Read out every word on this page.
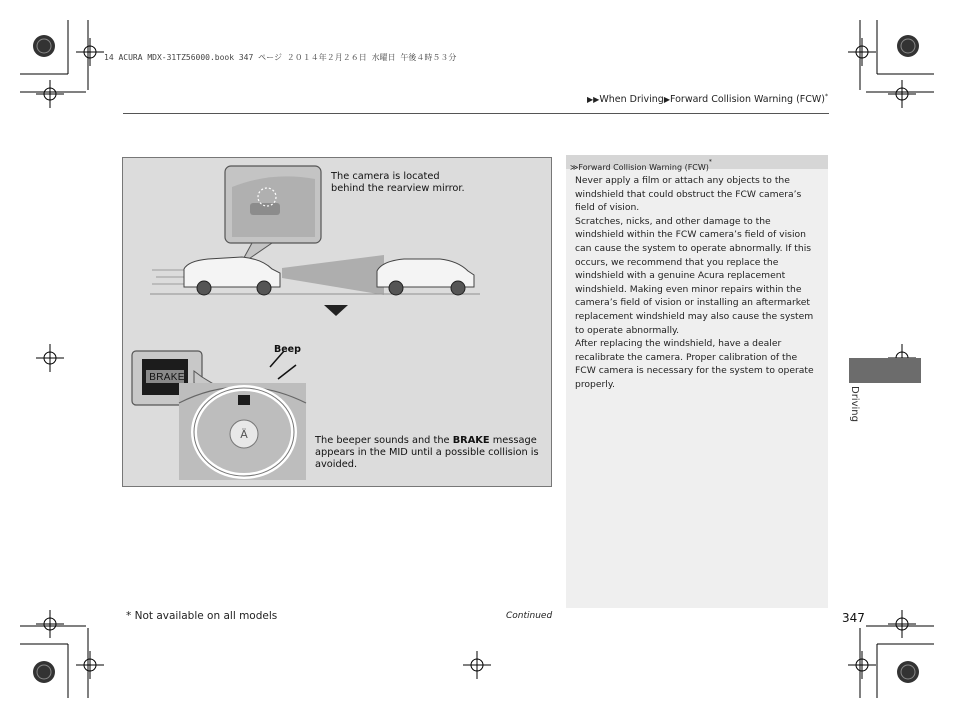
14 ACURA MDX-31TZ56000.book 347 ページ ２０１４年２月２６日 水曜日 午後４時５３分
▶▶When Driving▶Forward Collision Warning (FCW)*
Ä
The camera is located
behind the rearview mirror.
Beep
BRAKE
The beeper sounds and the BRAKE message
appears in the MID until a possible collision is
avoided.
≫Forward Collision Warning (FCW)*

Never apply a film or attach any objects to the windshield that could obstruct the FCW camera’s field of vision.

Scratches, nicks, and other damage to the windshield within the FCW camera’s field of vision can cause the system to operate abnormally. If this occurs, we recommend that you replace the windshield with a genuine Acura replacement windshield. Making even minor repairs within the camera’s field of vision or installing an aftermarket replacement windshield may also cause the system to operate abnormally.

After replacing the windshield, have a dealer recalibrate the camera. Proper calibration of the FCW camera is necessary for the system to operate properly.

Driving
* Not available on all models	Continued	347
